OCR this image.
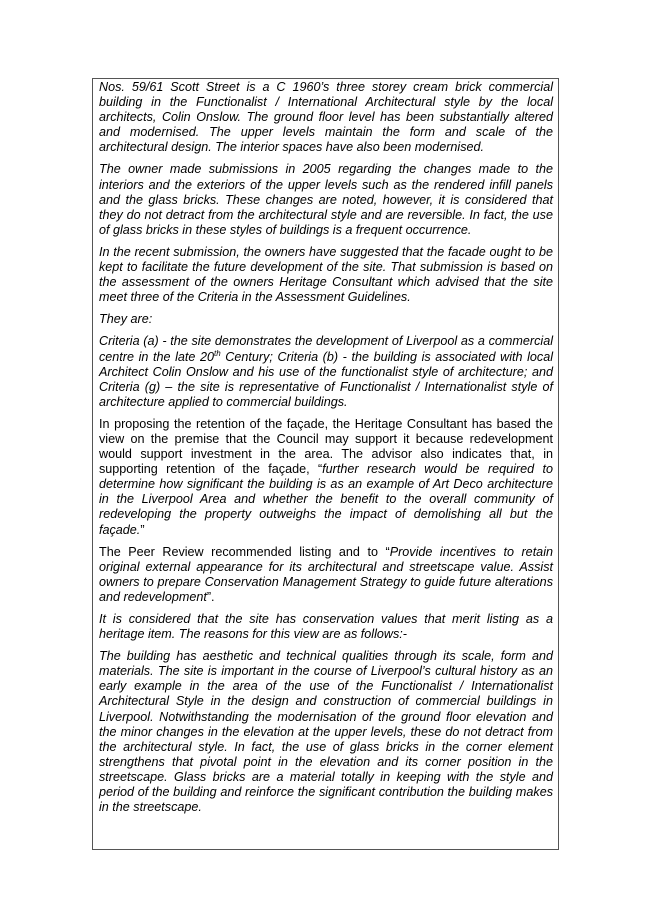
Nos. 59/61 Scott Street is a C 1960’s three storey cream brick commercial building in the Functionalist / International Architectural style by the local architects, Colin Onslow. The ground floor level has been substantially altered and modernised. The upper levels maintain the form and scale of the architectural design. The interior spaces have also been modernised.

The owner made submissions in 2005 regarding the changes made to the interiors and the exteriors of the upper levels such as the rendered infill panels and the glass bricks. These changes are noted, however, it is considered that they do not detract from the architectural style and are reversible. In fact, the use of glass bricks in these styles of buildings is a frequent occurrence.

In the recent submission, the owners have suggested that the facade ought to be kept to facilitate the future development of the site. That submission is based on the assessment of the owners Heritage Consultant which advised that the site meet three of the Criteria in the Assessment Guidelines.

They are:

Criteria (a) - the site demonstrates the development of Liverpool as a commercial centre in the late 20th Century; Criteria (b) - the building is associated with local Architect Colin Onslow and his use of the functionalist style of architecture; and Criteria (g) – the site is representative of Functionalist / Internationalist style of architecture applied to commercial buildings.

In proposing the retention of the façade, the Heritage Consultant has based the view on the premise that the Council may support it because redevelopment would support investment in the area. The advisor also indicates that, in supporting retention of the façade, “further research would be required to determine how significant the building is as an example of Art Deco architecture in the Liverpool Area and whether the benefit to the overall community of redeveloping the property outweighs the impact of demolishing all but the façade.”

The Peer Review recommended listing and to “Provide incentives to retain original external appearance for its architectural and streetscape value. Assist owners to prepare Conservation Management Strategy to guide future alterations and redevelopment”.

It is considered that the site has conservation values that merit listing as a heritage item. The reasons for this view are as follows:-

The building has aesthetic and technical qualities through its scale, form and materials. The site is important in the course of Liverpool’s cultural history as an early example in the area of the use of the Functionalist / Internationalist Architectural Style in the design and construction of commercial buildings in Liverpool. Notwithstanding the modernisation of the ground floor elevation and the minor changes in the elevation at the upper levels, these do not detract from the architectural style. In fact, the use of glass bricks in the corner element strengthens that pivotal point in the elevation and its corner position in the streetscape. Glass bricks are a material totally in keeping with the style and period of the building and reinforce the significant contribution the building makes in the streetscape.
